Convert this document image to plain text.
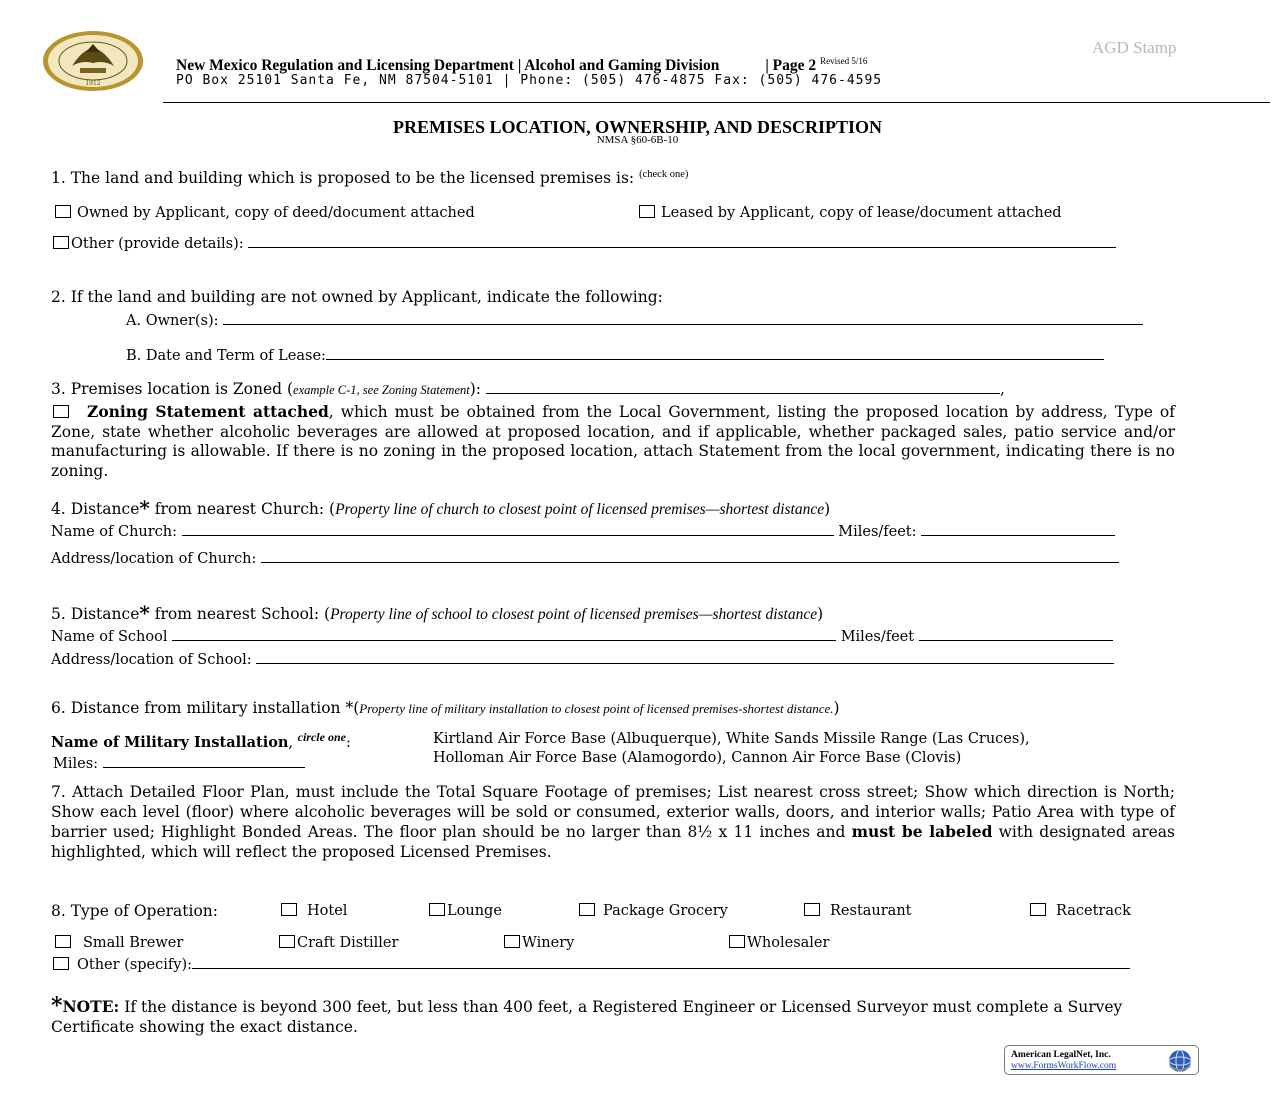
1912
New Mexico Regulation and Licensing Department | Alcohol and Gaming Division	| Page 2 $^{Revised 5/16}$
PO Box 25101 Santa Fe, NM 87504-5101 | Phone: (505) 476-4875 Fax: (505) 476-4595
AGD Stamp
PREMISES LOCATION, OWNERSHIP, AND DESCRIPTION
NMSA §60-6B-10
1. The land and building which is proposed to be the licensed premises is: $^{(check one)}$
Owned by Applicant, copy of deed/document attached	Leased by Applicant, copy of lease/document attached
Other (provide details):
2. If the land and building are not owned by Applicant, indicate the following:
A. Owner(s):
B. Date and Term of Lease:
3. Premises location is Zoned (example C-1, see Zoning Statement):	,
Zoning Statement attached, which must be obtained from the Local Government, listing the proposed location by address, Type of Zone, state whether alcoholic beverages are allowed at proposed location, and if applicable, whether packaged sales, patio service and/or manufacturing is allowable. If there is no zoning in the proposed location, attach Statement from the local government, indicating there is no zoning.
4. Distance* from nearest Church: (Property line of church to closest point of licensed premises—shortest distance)
Name of Church:	Miles/feet:
Address/location of Church:
5. Distance* from nearest School: (Property line of school to closest point of licensed premises—shortest distance)
Name of School	Miles/feet
Address/location of School:
6. Distance from military installation *(Property line of military installation to closest point of licensed premises-shortest distance.)
Name of Military Installation, $^{circle one}$:	Kirtland Air Force Base (Albuquerque), White Sands Missile Range (Las Cruces),
Holloman Air Force Base (Alamogordo), Cannon Air Force Base (Clovis)
Miles:
7. Attach Detailed Floor Plan, must include the Total Square Footage of premises; List nearest cross street; Show which direction is North; Show each level (floor) where alcoholic beverages will be sold or consumed, exterior walls, doors, and interior walls; Patio Area with type of barrier used; Highlight Bonded Areas. The floor plan should be no larger than 8½ x 11 inches and must be labeled with designated areas highlighted, which will reflect the proposed Licensed Premises.
8. Type of Operation:	Hotel	Lounge	Package Grocery	Restaurant	Racetrack
Small Brewer	Craft Distiller	Winery	Wholesaler
Other (specify):
*NOTE: If the distance is beyond 300 feet, but less than 400 feet, a Registered Engineer or Licensed Surveyor must complete a Survey Certificate showing the exact distance.
American LegalNet, Inc.
www.FormsWorkFlow.com
